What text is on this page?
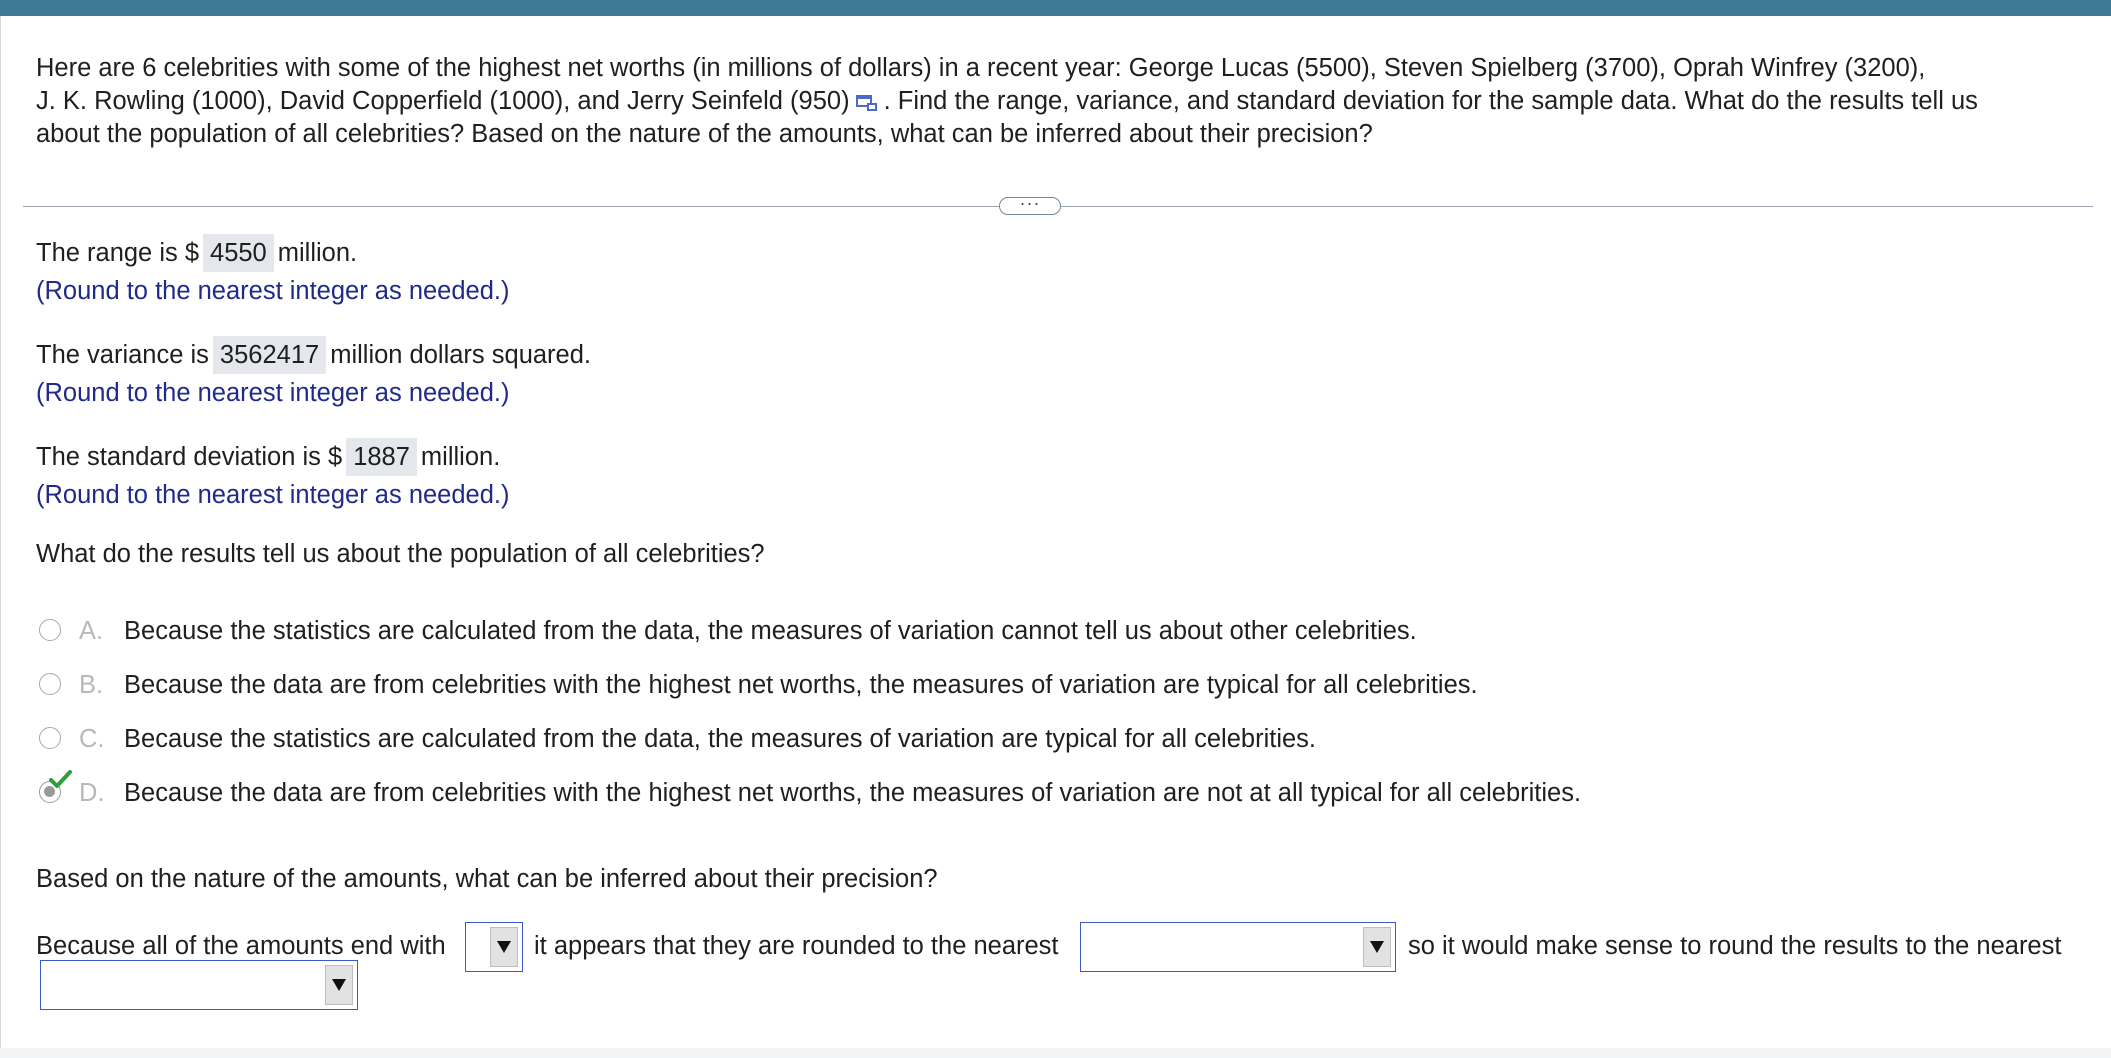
Here are 6 celebrities with some of the highest net worths (in millions of dollars) in a recent year: George Lucas (5500), Steven Spielberg (3700), Oprah Winfrey (3200),
J. K. Rowling (1000), David Copperfield (1000), and Jerry Seinfeld (950) . Find the range, variance, and standard deviation for the sample data. What do the results tell us
about the population of all celebrities? Based on the nature of the amounts, what can be inferred about their precision?
···
The range is $ 4550 million.
(Round to the nearest integer as needed.)
The variance is 3562417 million dollars squared.
(Round to the nearest integer as needed.)
The standard deviation is $ 1887 million.
(Round to the nearest integer as needed.)
What do the results tell us about the population of all celebrities?
A. Because the statistics are calculated from the data, the measures of variation cannot tell us about other celebrities.
B. Because the data are from celebrities with the highest net worths, the measures of variation are typical for all celebrities.
C. Because the statistics are calculated from the data, the measures of variation are typical for all celebrities.
D. Because the data are from celebrities with the highest net worths, the measures of variation are not at all typical for all celebrities.
Based on the nature of the amounts, what can be inferred about their precision?
Because all of the amounts end with	it appears that they are rounded to the nearest	so it would make sense to round the results to the nearest
